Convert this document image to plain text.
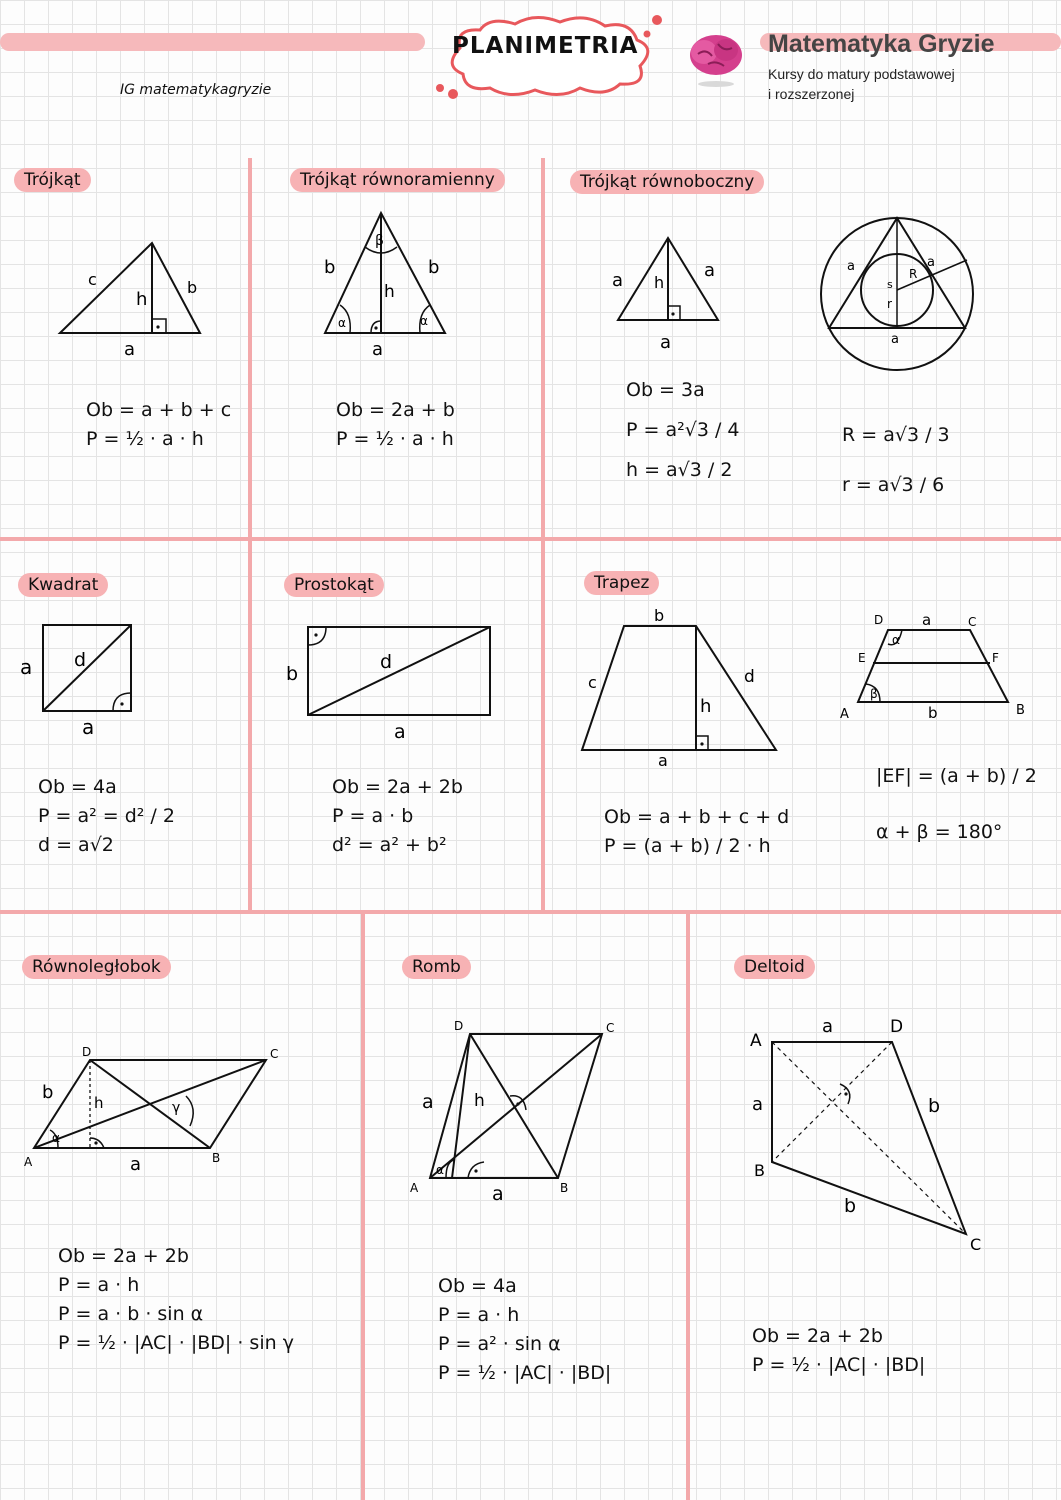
PLANIMETRIA	Matematyka Gryzie
Kursy do matury podstawowej
i rozszerzonej
IG matematykagryzie
Trójkąt
c
h
b
a
Ob = a + b + c
P = ½ · a · h
Trójkąt równoramienny
β
b	b
h
α	α
a
Ob = 2a + b
P = ½ · a · h
Trójkąt równoboczny
a h
a
a
a	R
a
s
r
a
Ob = 3a
P = a²√3 / 4
h = a√3 / 2
R = a√3 / 3
r = a√3 / 6
Kwadrat
a d
a
Ob = 4a
P = a² = d² / 2
d = a√2
Prostokąt
b
d
a
Ob = 2a + 2b
P = a · b
d² = a² + b²
Trapez
b
c
h
d
a
D	a	C
α
E	F
β
A	b	B
Ob = a + b + c + d
P = (a + b) / 2 · h
|EF| = (a + b) / 2
α + β = 180°
Równoległobok
D	C
b	h	γ
α
A	a	B
Ob = 2a + 2b
P = a · h
P = a · b · sin α
P = ½ · |AC| · |BD| · sin γ
Romb
D	C
a h
α
A	a	B
Ob = 4a
P = a · h
P = a² · sin α
P = ½ · |AC| · |BD|
Deltoid
A
a	D
a	b
B
b
C
Ob = 2a + 2b
P = ½ · |AC| · |BD|
